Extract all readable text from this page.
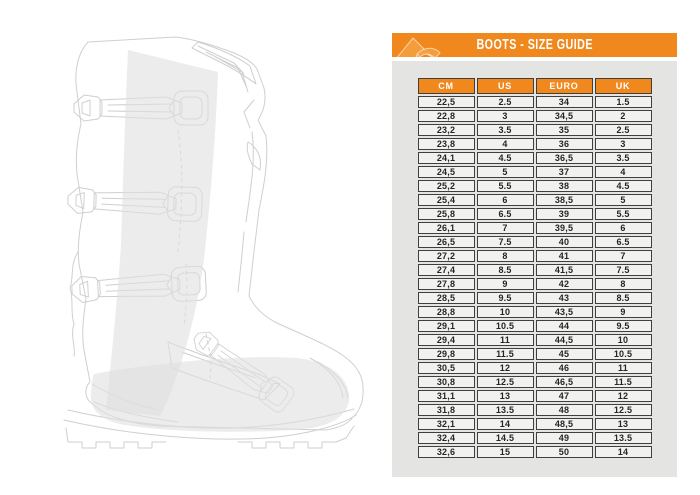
BOOTS - SIZE GUIDE
CM	US	EURO	UK
22,5	2.5	34	1.5
22,8	3	34,5	2
23,2	3.5	35	2.5
23,8	4	36	3
24,1	4.5	36,5	3.5
24,5	5	37	4
25,2	5.5	38	4.5
25,4	6	38,5	5
25,8	6.5	39	5.5
26,1	7	39,5	6
26,5	7.5	40	6.5
27,2	8	41	7
27,4	8.5	41,5	7.5
27,8	9	42	8
28,5	9.5	43	8.5
28,8	10	43,5	9
29,1	10.5	44	9.5
29,4	11	44,5	10
29,8	11.5	45	10.5
30,5	12	46	11
30,8	12.5	46,5	11.5
31,1	13	47	12
31,8	13.5	48	12.5
32,1	14	48,5	13
32,4	14.5	49	13.5
32,6	15	50	14
